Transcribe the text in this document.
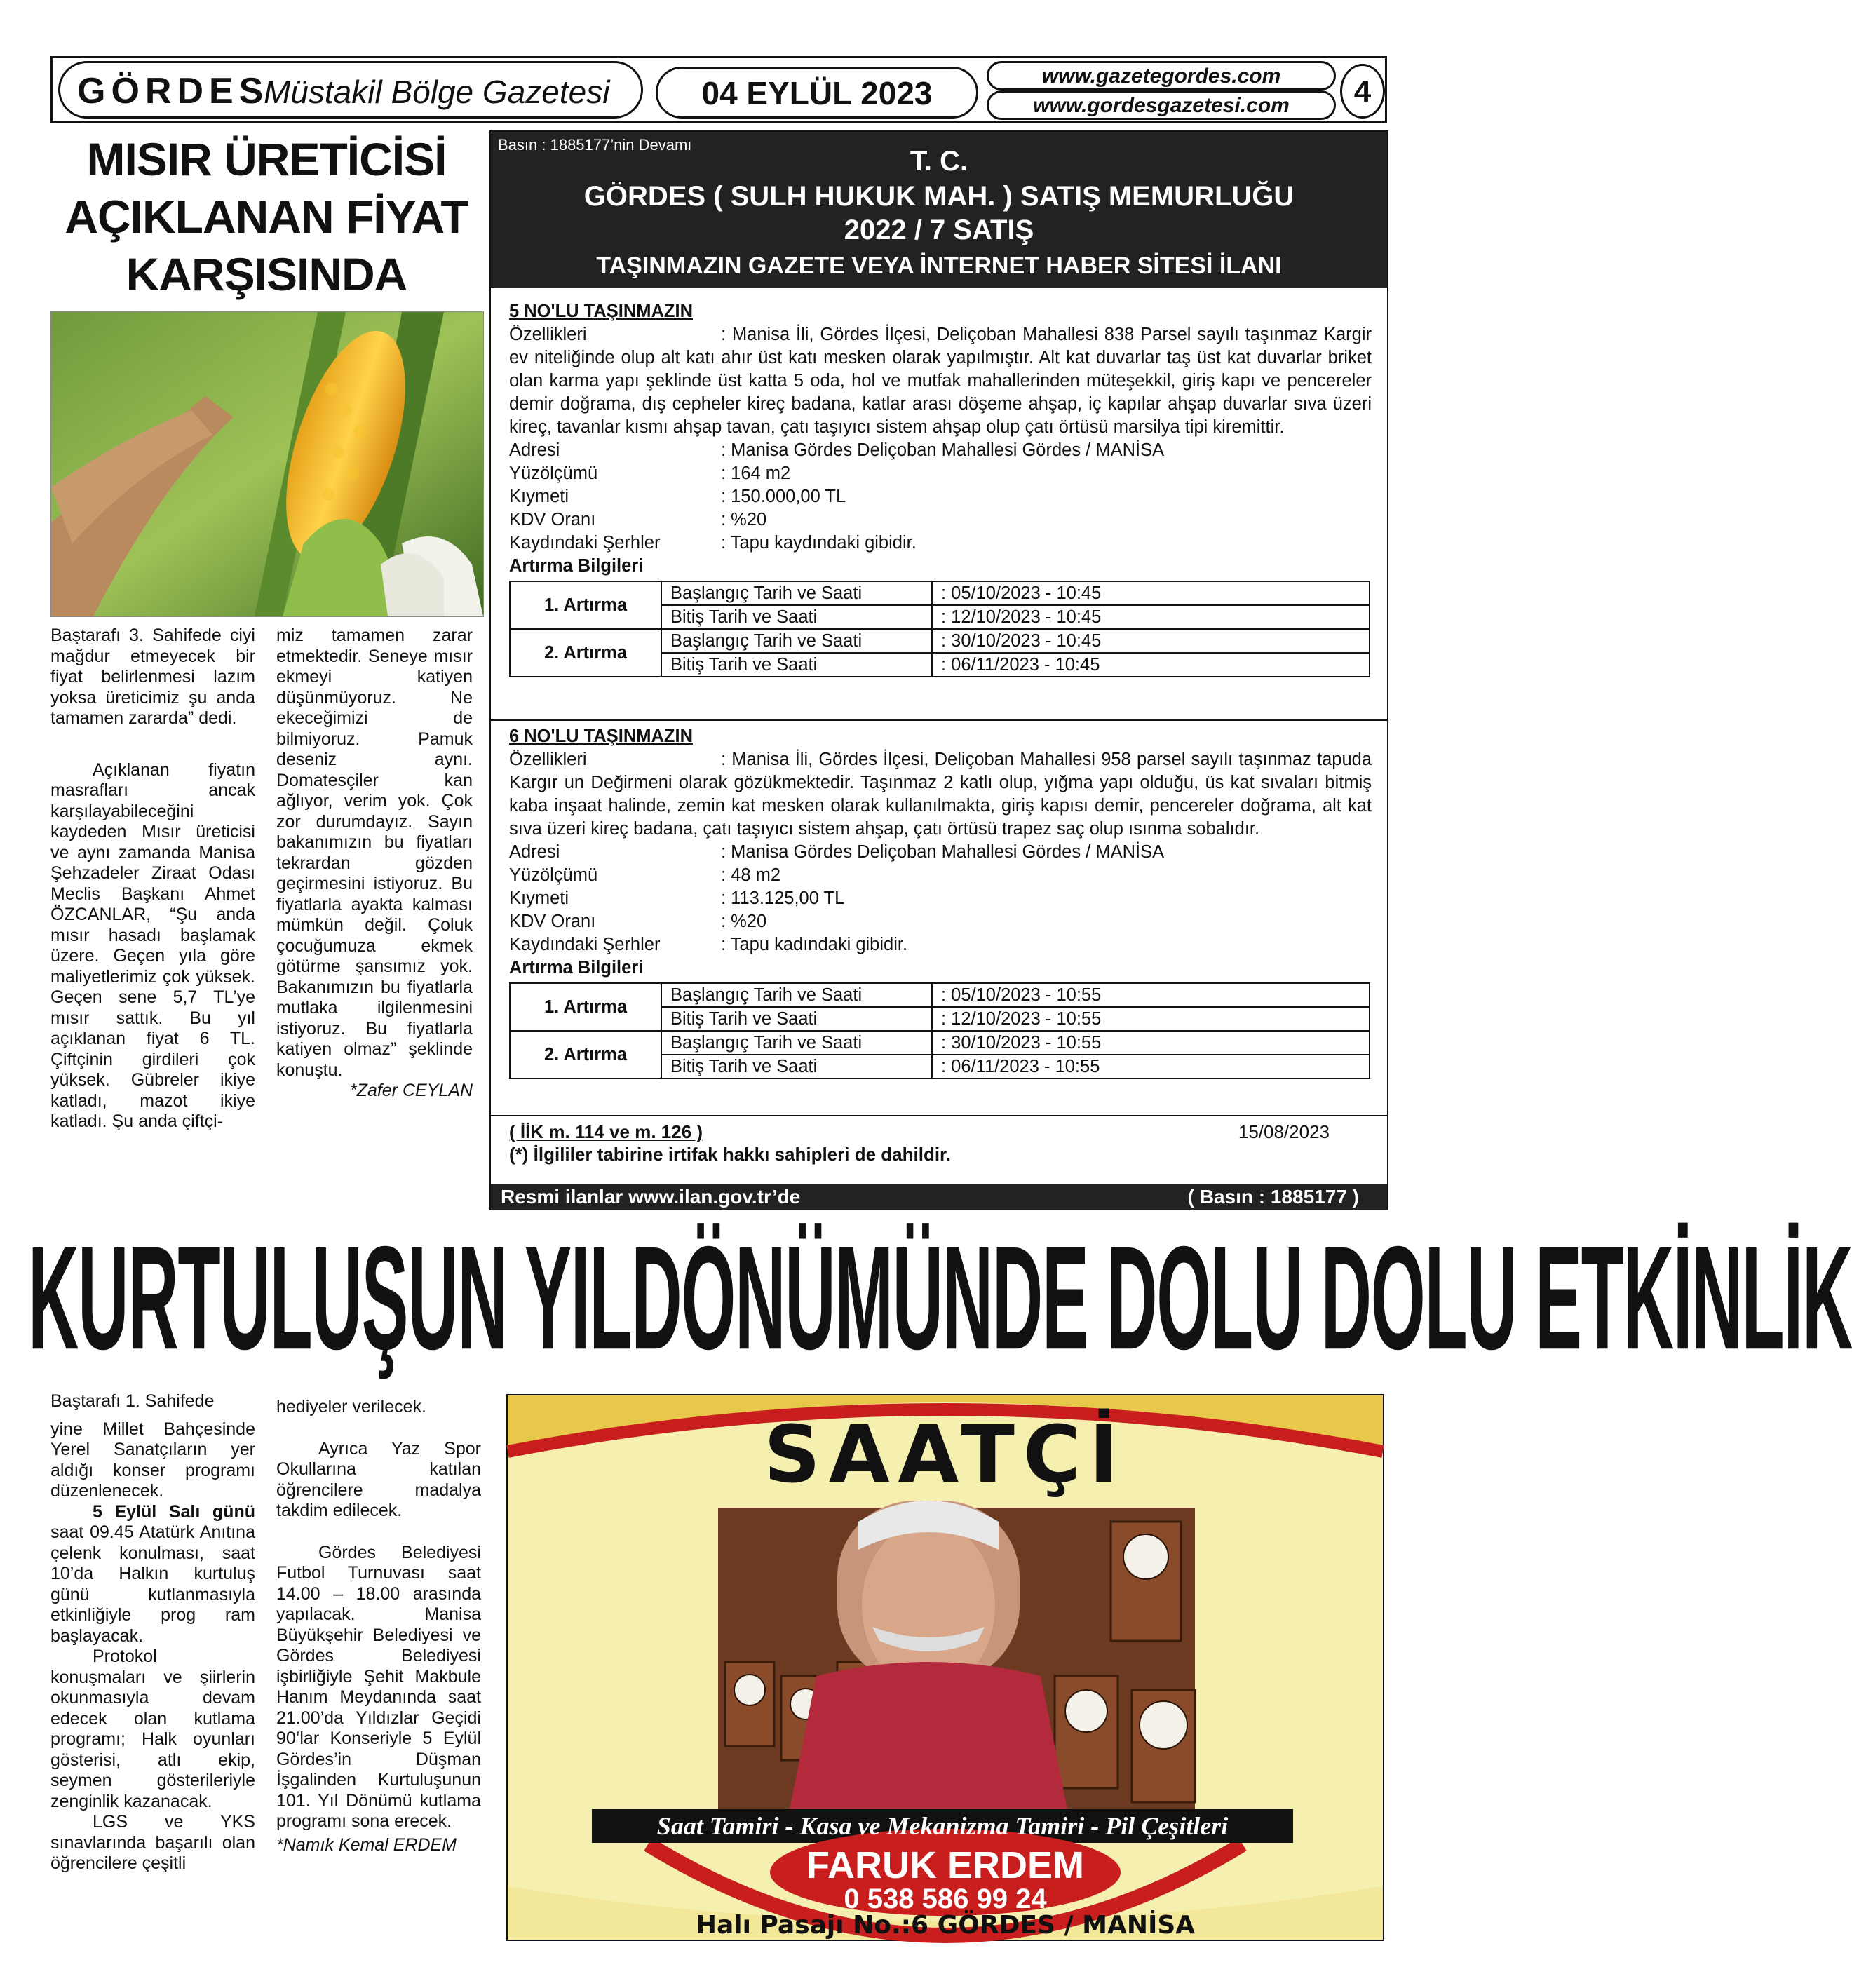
GÖRDES
Müstakil Bölge Gazetesi	04 EYLÜL 2023	www.gazetegordes.com
www.gordesgazetesi.com	4
MISIR ÜRETİCİSİ
AÇIKLANAN FİYAT
KARŞISINDA

Baştarafı 3. Sahifede ciyi mağdur etmeyecek bir fiyat belirlenmesi lazım yoksa üreticimiz şu anda tamamen zararda” dedi.

Açıklanan fiyatın masrafları ancak karşılayabileceğini kaydeden Mısır üreticisi ve aynı zamanda Manisa Şehzadeler Ziraat Odası Meclis Başkanı Ahmet ÖZCANLAR, “Şu anda mısır hasadı başlamak üzere. Geçen yıla göre maliyetlerimiz çok yüksek. Geçen sene 5,7 TL’ye mısır sattık. Bu yıl açıklanan fiyat 6 TL. Çiftçinin girdileri çok yüksek. Gübreler ikiye katladı, mazot ikiye katladı. Şu anda çiftçi-

miz tamamen zarar etmektedir. Seneye mısır ekmeyi katiyen düşünmüyoruz. Ne ekeceğimizi de bilmiyoruz. Pamuk deseniz aynı. Domatesçiler kan ağlıyor, verim yok. Çok zor durumdayız. Sayın bakanımızın bu fiyatları tekrardan gözden geçirmesini istiyoruz. Bu fiyatlarla ayakta kalması mümkün değil. Çoluk çocuğumuza ekmek götürme şansımız yok. Bakanımızın bu fiyatlarla mutlaka ilgilenmesini istiyoruz. Bu fiyatlarla katiyen olmaz” şeklinde konuştu.

*Zafer CEYLAN

Basın : 1885177’nin Devamı
T. C.
GÖRDES ( SULH HUKUK MAH. ) SATIŞ MEMURLUĞU
2022 / 7 SATIŞ
TAŞINMAZIN GAZETE VEYA İNTERNET HABER SİTESİ İLANI
5 NO'LU TAŞINMAZIN
Özellikleri	: Manisa İli, Gördes İlçesi, Deliçoban Mahallesi 838 Parsel sayılı taşınmaz Kargir ev niteliğinde olup alt katı ahır üst katı mesken olarak yapılmıştır. Alt kat duvarlar taş üst kat duvarlar briket olan karma yapı şeklinde üst katta 5 oda, hol ve mutfak mahallerinden müteşekkil, giriş kapı ve pencereler demir doğrama, dış cepheler kireç badana, katlar arası döşeme ahşap, iç kapılar ahşap duvarlar sıva üzeri kireç, tavanlar kısmı ahşap tavan, çatı taşıyıcı sistem ahşap olup çatı örtüsü marsilya tipi kiremittir.
Adresi	: Manisa Gördes Deliçoban Mahallesi Gördes / MANİSA
Yüzölçümü	: 164 m2
Kıymeti	: 150.000,00 TL
KDV Oranı	: %20
Kaydındaki Şerhler	: Tapu kaydındaki gibidir.
Artırma Bilgileri
1. Artırma	Başlangıç Tarih ve Saati	: 05/10/2023 - 10:45
	Bitiş Tarih ve Saati	: 12/10/2023 - 10:45
2. Artırma	Başlangıç Tarih ve Saati	: 30/10/2023 - 10:45
	Bitiş Tarih ve Saati	: 06/11/2023 - 10:45
6 NO'LU TAŞINMAZIN
Özellikleri	: Manisa İli, Gördes İlçesi, Deliçoban Mahallesi 958 parsel sayılı taşınmaz tapuda Kargır un Değirmeni olarak gözükmektedir. Taşınmaz 2 katlı olup, yığma yapı olduğu, üs kat sıvaları bitmiş kaba inşaat halinde, zemin kat mesken olarak kullanılmakta, giriş kapısı demir, pencereler doğrama, alt kat sıva üzeri kireç badana, çatı taşıyıcı sistem ahşap, çatı örtüsü trapez saç olup ısınma sobalıdır.
Adresi	: Manisa Gördes Deliçoban Mahallesi Gördes / MANİSA
Yüzölçümü	: 48 m2
Kıymeti	: 113.125,00 TL
KDV Oranı	: %20
Kaydındaki Şerhler	: Tapu kadındaki gibidir.
Artırma Bilgileri
1. Artırma	Başlangıç Tarih ve Saati	: 05/10/2023 - 10:55
	Bitiş Tarih ve Saati	: 12/10/2023 - 10:55
2. Artırma	Başlangıç Tarih ve Saati	: 30/10/2023 - 10:55
	Bitiş Tarih ve Saati	: 06/11/2023 - 10:55
( İİK m. 114 ve m. 126 )	15/08/2023
(*) İlgililer tabirine irtifak hakkı sahipleri de dahildir.
Resmi ilanlar www.ilan.gov.tr’de	( Basın : 1885177 )
KURTULUŞUN YILDÖNÜMÜNDE DOLU DOLU ETKİNLİK

Baştarafı 1. Sahifede

yine Millet Bahçesinde Yerel Sanatçıların yer aldığı konser programı düzenlenecek.

5 Eylül Salı günü saat 09.45 Atatürk Anıtına çelenk konulması, saat 10’da Halkın kurtuluş günü kutlanmasıyla etkinliğiyle prog ram başlayacak.

Protokol konuşmaları ve şiirlerin okunmasıyla devam edecek olan kutlama programı; Halk oyunları gösterisi, atlı ekip, seymen gösterileriyle zenginlik kazanacak.

LGS ve YKS sınavlarında başarılı olan öğrencilere çeşitli

hediyeler verilecek.

Ayrıca Yaz Spor Okullarına katılan öğrencilere madalya takdim edilecek.

Gördes Belediyesi Futbol Turnuvası saat 14.00 – 18.00 arasında yapılacak. Manisa Büyükşehir Belediyesi ve Gördes Belediyesi işbirliğiyle Şehit Makbule Hanım Meydanında saat 21.00’da Yıldızlar Geçidi 90’lar Konseriyle 5 Eylül Gördes’in Düşman İşgalinden Kurtuluşunun 101. Yıl Dönümü kutlama programı sona erecek.

*Namık Kemal ERDEM

SAATÇİ
Saat Tamiri - Kasa ve Mekanizma Tamiri - Pil Çeşitleri
FARUK ERDEM
0 538 586 99 24
Halı Pasajı No.:6 GÖRDES / MANİSA
